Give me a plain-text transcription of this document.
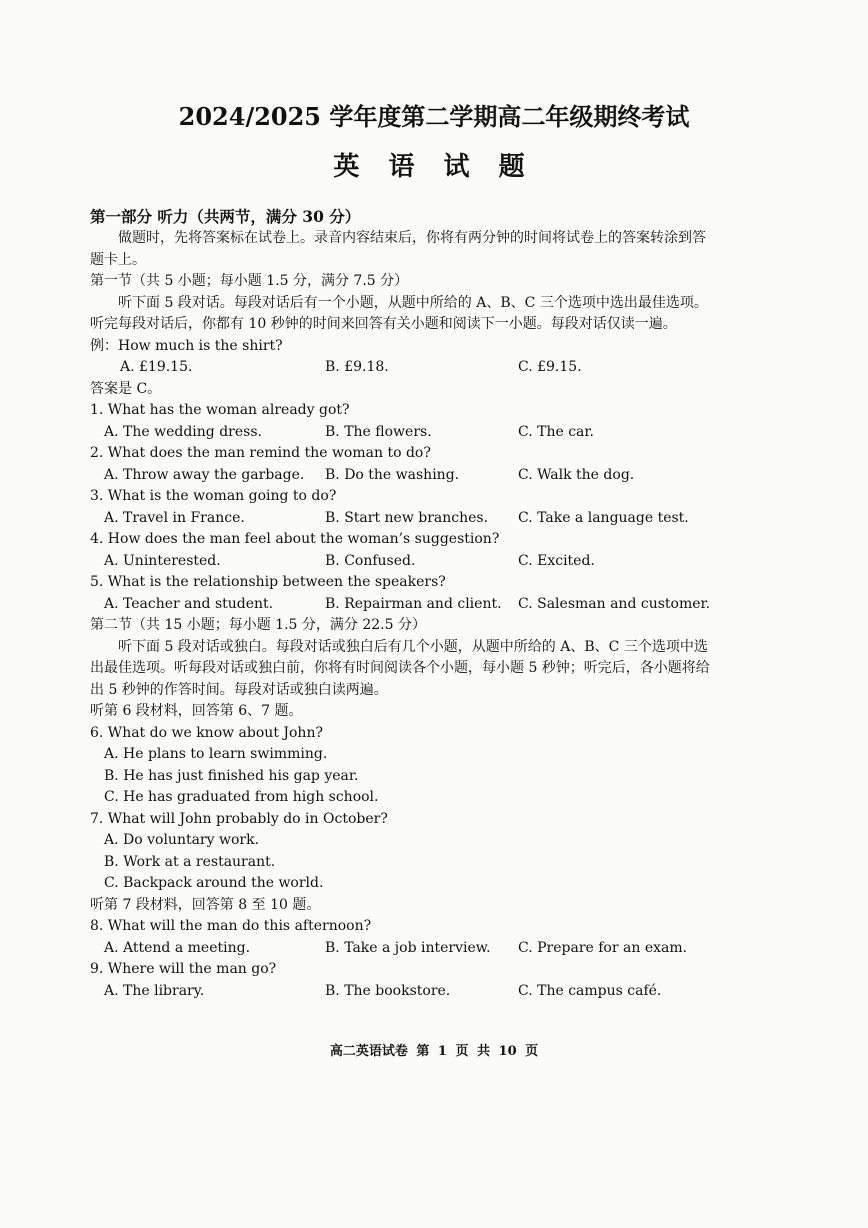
2024/2025 学年度第二学期高二年级期终考试
英 语 试 题

第一部分 听力（共两节，满分 30 分）

做题时，先将答案标在试卷上。录音内容结束后，你将有两分钟的时间将试卷上的答案转涂到答题卡上。

第一节（共 5 小题；每小题 1.5 分，满分 7.5 分）

听下面 5 段对话。每段对话后有一个小题，从题中所给的 A、B、C 三个选项中选出最佳选项。听完每段对话后，你都有 10 秒钟的时间来回答有关小题和阅读下一小题。每段对话仅读一遍。

例：How much is the shirt?

A. £19.15.	B. £9.18.	C. £9.15.

答案是 C。

1. What has the woman already got?

A. The wedding dress.	B. The flowers.	C. The car.

2. What does the man remind the woman to do?

A. Throw away the garbage.	B. Do the washing.	C. Walk the dog.

3. What is the woman going to do?

A. Travel in France.	B. Start new branches.	C. Take a language test.

4. How does the man feel about the woman’s suggestion?

A. Uninterested.	B. Confused.	C. Excited.

5. What is the relationship between the speakers?

A. Teacher and student.	B. Repairman and client.	C. Salesman and customer.

第二节（共 15 小题；每小题 1.5 分，满分 22.5 分）

听下面 5 段对话或独白。每段对话或独白后有几个小题，从题中所给的 A、B、C 三个选项中选出最佳选项。听每段对话或独白前，你将有时间阅读各个小题，每小题 5 秒钟；听完后，各小题将给出 5 秒钟的作答时间。每段对话或独白读两遍。

听第 6 段材料，回答第 6、7 题。

6. What do we know about John?

A. He plans to learn swimming.

B. He has just finished his gap year.

C. He has graduated from high school.

7. What will John probably do in October?

A. Do voluntary work.

B. Work at a restaurant.

C. Backpack around the world.

听第 7 段材料，回答第 8 至 10 题。

8. What will the man do this afternoon?

A. Attend a meeting.	B. Take a job interview.	C. Prepare for an exam.

9. Where will the man go?

A. The library.	B. The bookstore.	C. The campus café.
高二英语试卷 第 1 页 共 10 页
